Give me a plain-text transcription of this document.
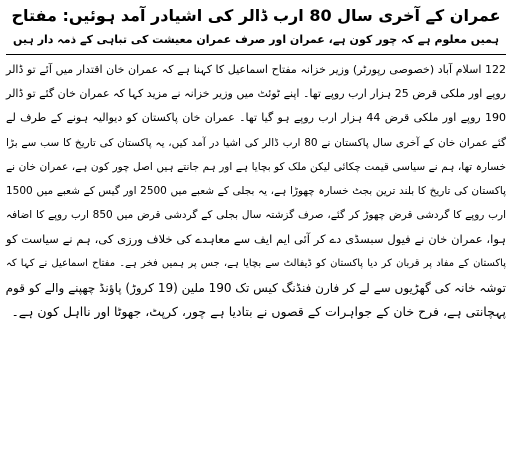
عمران کے آخری سال 80 ارب ڈالر کی اشیادر آمد ہوئیں: مفتاح
ہمیں معلوم ہے کہ چور کون ہے، عمران اور صرف عمران معیشت کی تباہی کے ذمہ دار ہیں
122 اسلام آباد (خصوصی رپورٹر) وزیر خزانہ مفتاح اسماعیل کا کہنا ہے کہ عمران خان اقتدار میں آئے تو ڈالر
روپے اور ملکی قرض 25 ہزار ارب روپے تھا۔ اپنے ٹوئٹ میں وزیر خزانہ نے مزید کہا کہ عمران خان گئے تو ڈالر
190 روپے اور ملکی قرض 44 ہزار ارب روپے ہو گیا تھا۔ عمران خان پاکستان کو دیوالیہ ہونے کے طرف لے
گئے عمران خان کے آخری سال پاکستان نے 80 ارب ڈالر کی اشیا در آمد کیں، یہ پاکستان کی تاریخ کا سب سے بڑا
خسارہ تھا، ہم نے سیاسی قیمت چکائی لیکن ملک کو بچایا ہے اور ہم جانتے ہیں اصل چور کون ہے، عمران خان نے
پاکستان کی تاریخ کا بلند ترین بجٹ خسارہ چھوڑا ہے، یہ بجلی کے شعبے میں 2500 اور گیس کے شعبے میں 1500
ارب روپے کا گردشی قرض چھوڑ کر گئے، صرف گزشتہ سال بجلی کے گردشی قرض میں 850 ارب روپے کا اضافہ
ہوا، عمران خان نے فیول سبسڈی دے کر آئی ایم ایف سے معاہدے کی خلاف ورزی کی، ہم نے سیاست کو
پاکستان کے مفاد پر قربان کر دیا پاکستان کو ڈیفالٹ سے بچایا ہے، جس پر ہمیں فخر ہے۔ مفتاح اسماعیل نے کہا کہ
توشہ خانہ کی گھڑیوں سے لے کر فارن فنڈنگ کیس تک 190 ملین (19 کروڑ) پاؤنڈ چھپنے والے کو قوم
پہچانتی ہے، فرح خان کے جواہرات کے قصوں نے بتادیا ہے چور، کرپٹ، جھوٹا اور نااہل کون ہے۔
